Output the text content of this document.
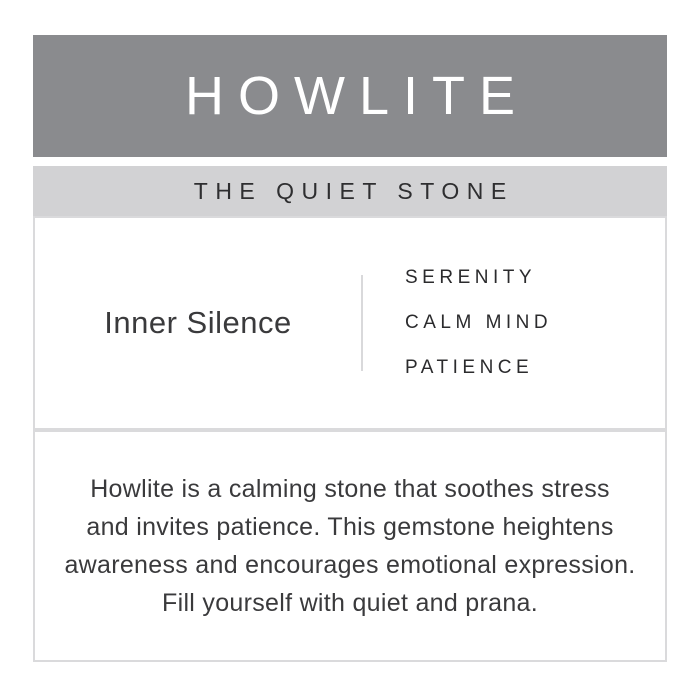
HOWLITE
THE QUIET STONE
Inner Silence
SERENITY
CALM MIND
PATIENCE
Howlite is a calming stone that soothes stress
and invites patience. This gemstone heightens
awareness and encourages emotional expression.
Fill yourself with quiet and prana.
